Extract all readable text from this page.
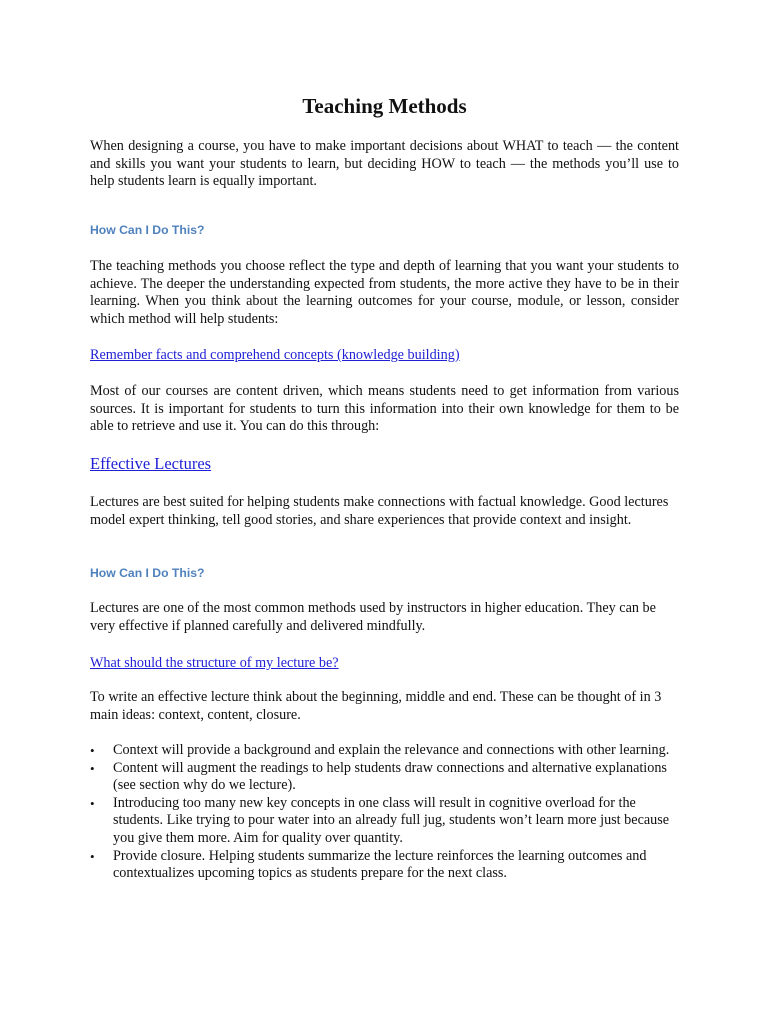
Teaching Methods

When designing a course, you have to make important decisions about WHAT to teach — the content and skills you want your students to learn, but deciding HOW to teach — the methods you’ll use to help students learn is equally important.

How Can I Do This?

The teaching methods you choose reflect the type and depth of learning that you want your students to achieve. The deeper the understanding expected from students, the more active they have to be in their learning. When you think about the learning outcomes for your course, module, or lesson, consider which method will help students:

Remember facts and comprehend concepts (knowledge building)

Most of our courses are content driven, which means students need to get information from various sources. It is important for students to turn this information into their own knowledge for them to be able to retrieve and use it. You can do this through:

Effective Lectures

Lectures are best suited for helping students make connections with factual knowledge. Good lectures model expert thinking, tell good stories, and share experiences that provide context and insight.

How Can I Do This?

Lectures are one of the most common methods used by instructors in higher education. They can be very effective if planned carefully and delivered mindfully.

What should the structure of my lecture be?

To write an effective lecture think about the beginning, middle and end. These can be thought of in 3 main ideas: context, content, closure.

• Context will provide a background and explain the relevance and connections with other learning.
• Content will augment the readings to help students draw connections and alternative explanations (see section why do we lecture).
• Introducing too many new key concepts in one class will result in cognitive overload for the students. Like trying to pour water into an already full jug, students won’t learn more just because you give them more. Aim for quality over quantity.
• Provide closure. Helping students summarize the lecture reinforces the learning outcomes and contextualizes upcoming topics as students prepare for the next class.
